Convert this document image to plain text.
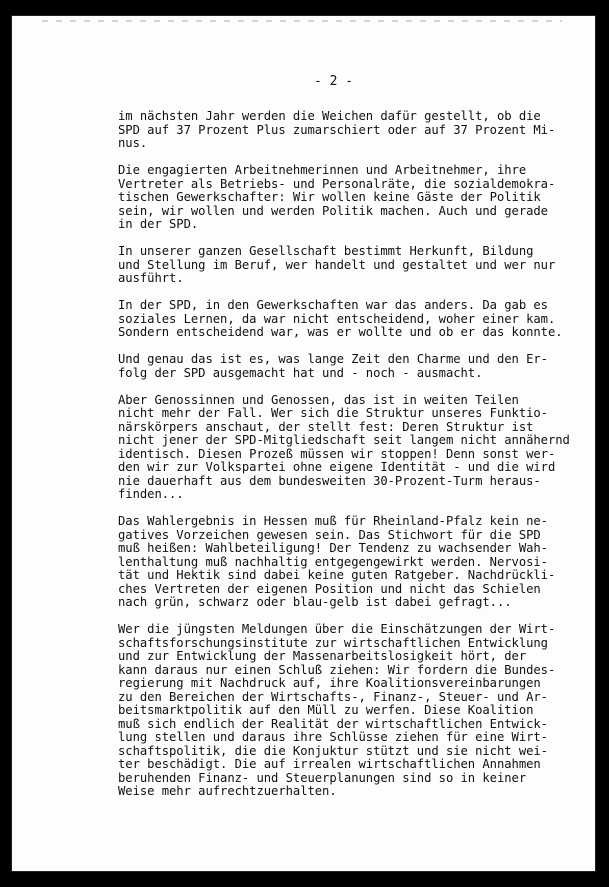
- 2 -
im nächsten Jahr werden die Weichen dafür gestellt, ob die
SPD auf 37 Prozent Plus zumarschiert oder auf 37 Prozent Mi-
nus.
Die engagierten Arbeitnehmerinnen und Arbeitnehmer, ihre
Vertreter als Betriebs- und Personalräte, die sozialdemokra-
tischen Gewerkschafter: Wir wollen keine Gäste der Politik
sein, wir wollen und werden Politik machen. Auch und gerade
in der SPD.
In unserer ganzen Gesellschaft bestimmt Herkunft, Bildung
und Stellung im Beruf, wer handelt und gestaltet und wer nur
ausführt.
In der SPD, in den Gewerkschaften war das anders. Da gab es
soziales Lernen, da war nicht entscheidend, woher einer kam.
Sondern entscheidend war, was er wollte und ob er das konnte.
Und genau das ist es, was lange Zeit den Charme und den Er-
folg der SPD ausgemacht hat und - noch - ausmacht.
Aber Genossinnen und Genossen, das ist in weiten Teilen
nicht mehr der Fall. Wer sich die Struktur unseres Funktio-
närskörpers anschaut, der stellt fest: Deren Struktur ist
nicht jener der SPD-Mitgliedschaft seit langem nicht annähernd
identisch. Diesen Prozeß müssen wir stoppen! Denn sonst wer-
den wir zur Volkspartei ohne eigene Identität - und die wird
nie dauerhaft aus dem bundesweiten 30-Prozent-Turm heraus-
finden...
Das Wahlergebnis in Hessen muß für Rheinland-Pfalz kein ne-
gatives Vorzeichen gewesen sein. Das Stichwort für die SPD
muß heißen: Wahlbeteiligung! Der Tendenz zu wachsender Wah-
lenthaltung muß nachhaltig entgegengewirkt werden. Nervosi-
tät und Hektik sind dabei keine guten Ratgeber. Nachdrückli-
ches Vertreten der eigenen Position und nicht das Schielen
nach grün, schwarz oder blau-gelb ist dabei gefragt...
Wer die jüngsten Meldungen über die Einschätzungen der Wirt-
schaftsforschungsinstitute zur wirtschaftlichen Entwicklung
und zur Entwicklung der Massenarbeitslosigkeit hört, der
kann daraus nur einen Schluß ziehen: Wir fordern die Bundes-
regierung mit Nachdruck auf, ihre Koalitionsvereinbarungen
zu den Bereichen der Wirtschafts-, Finanz-, Steuer- und Ar-
beitsmarktpolitik auf den Müll zu werfen. Diese Koalition
muß sich endlich der Realität der wirtschaftlichen Entwick-
lung stellen und daraus ihre Schlüsse ziehen für eine Wirt-
schaftspolitik, die die Konjuktur stützt und sie nicht wei-
ter beschädigt. Die auf irrealen wirtschaftlichen Annahmen
beruhenden Finanz- und Steuerplanungen sind so in keiner
Weise mehr aufrechtzuerhalten.
